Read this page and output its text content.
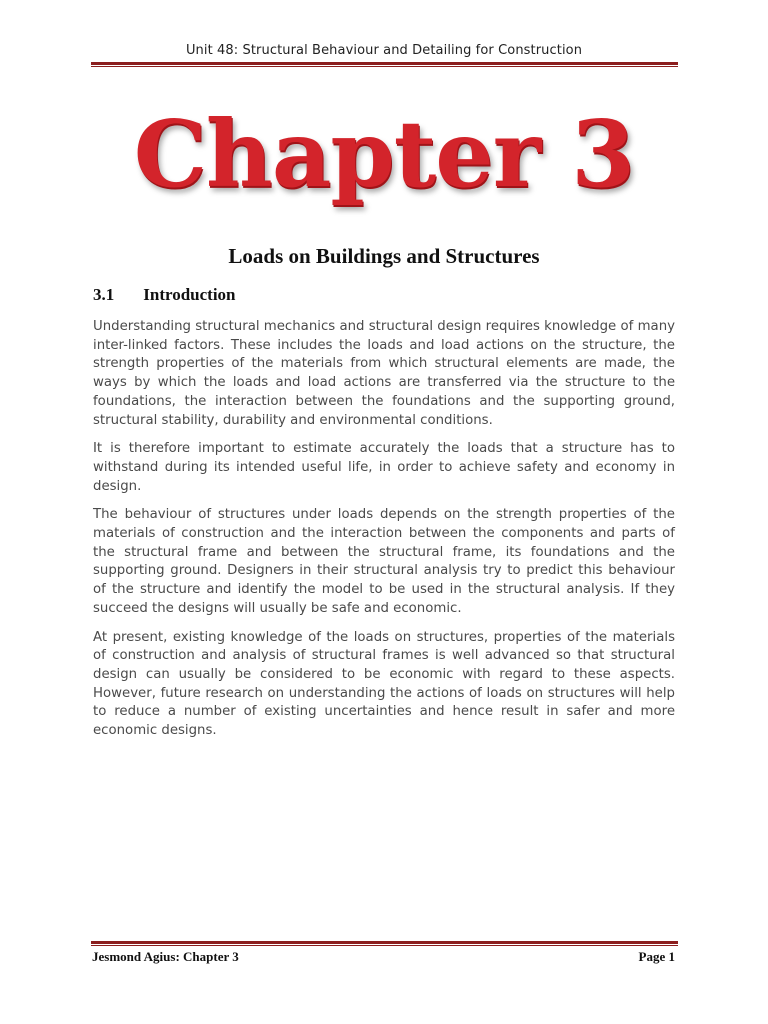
Unit 48: Structural Behaviour and Detailing for Construction
Chapter 3
Loads on Buildings and Structures
3.1 Introduction

Understanding structural mechanics and structural design requires knowledge of many inter-linked factors. These includes the loads and load actions on the structure, the strength properties of the materials from which structural elements are made, the ways by which the loads and load actions are transferred via the structure to the foundations, the interaction between the foundations and the supporting ground, structural stability, durability and environmental conditions.

It is therefore important to estimate accurately the loads that a structure has to withstand during its intended useful life, in order to achieve safety and economy in design.

The behaviour of structures under loads depends on the strength properties of the materials of construction and the interaction between the components and parts of the structural frame and between the structural frame, its foundations and the supporting ground. Designers in their structural analysis try to predict this behaviour of the structure and identify the model to be used in the structural analysis. If they succeed the designs will usually be safe and economic.

At present, existing knowledge of the loads on structures, properties of the materials of construction and analysis of structural frames is well advanced so that structural design can usually be considered to be economic with regard to these aspects. However, future research on understanding the actions of loads on structures will help to reduce a number of existing uncertainties and hence result in safer and more economic designs.

Jesmond Agius: Chapter 3	Page 1
